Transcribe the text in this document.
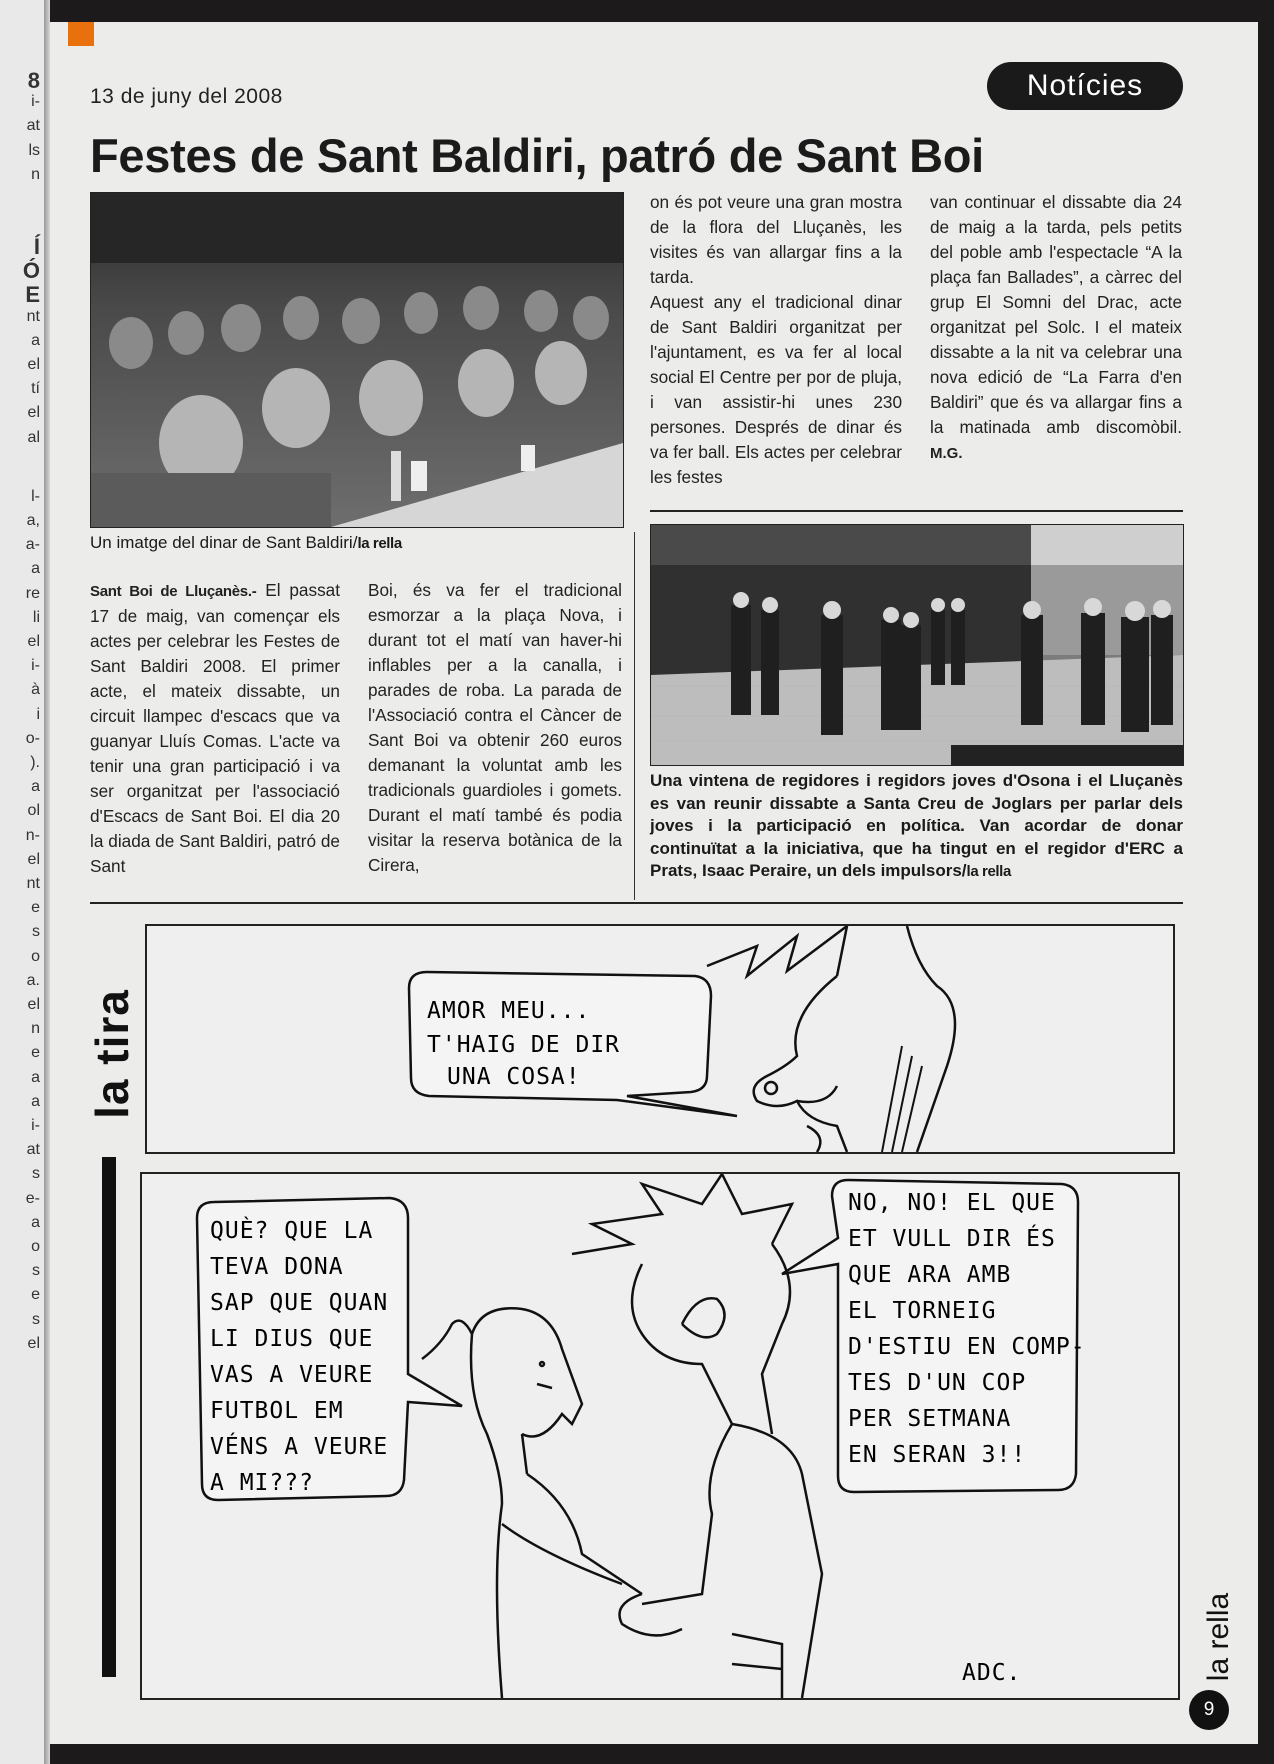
8
i-
at
ls
n
Í
Ó
E
nt
a
el
tí
el
al
l-
a,
a-
a
re
li
el
i-
à
i
o-
).
a
ol
n-
el
nt
e
s
o
a.
el
n
e
a
a
i-
at
s
e-
a
o
s
e
s
el
13 de juny del 2008	Notícies
Festes de Sant Baldiri, patró de Sant Boi
Un imatge del dinar de Sant Baldiri/la rella
Sant Boi de Lluçanès.- El passat 17 de maig, van començar els actes per celebrar les Festes de Sant Baldiri 2008. El primer acte, el mateix dissabte, un circuit llampec d'escacs que va guanyar Lluís Comas. L'acte va tenir una gran participació i va ser organitzat per l'associació d'Escacs de Sant Boi. El dia 20 la diada de Sant Baldiri, patró de Sant
Boi, és va fer el tradicional esmorzar a la plaça Nova, i durant tot el matí van haver-hi inflables per a la canalla, i parades de roba. La parada de l'Associació contra el Càncer de Sant Boi va obtenir 260 euros demanant la voluntat amb les tradicionals guardioles i gomets. Durant el matí també és podia visitar la reserva botànica de la Cirera,

on és pot veure una gran mostra de la flora del Lluçanès, les visites és van allargar fins a la tarda.

Aquest any el tradicional dinar de Sant Baldiri organitzat per l'ajuntament, es va fer al local social El Centre per por de pluja, i van assistir-hi unes 230 persones. Després de dinar és va fer ball. Els actes per celebrar les festes

van continuar el dissabte dia 24 de maig a la tarda, pels petits del poble amb l'espectacle “A la plaça fan Ballades”, a càrrec del grup El Somni del Drac, acte organitzat pel Solc. I el mateix dissabte a la nit va celebrar una nova edició de “La Farra d'en Baldiri” que és va allargar fins a la matinada amb discomòbil. M.G.
Una vintena de regidores i regidors joves d'Osona i el Lluçanès es van reunir dissabte a Santa Creu de Joglars per parlar dels joves i la participació en política. Van acordar de donar continuïtat a la iniciativa, que ha tingut en el regidor d'ERC a Prats, Isaac Peraire, un dels impulsors/la rella
la tira	AMOR MEU...
T'HAIG DE DIR
UNA COSA!
QUÈ? QUE LA
TEVA DONA
SAP QUE QUAN
LI DIUS QUE
VAS A VEURE
FUTBOL EM
VÉNS A VEURE
A MI???
NO, NO! EL QUE
ET VULL DIR ÉS
QUE ARA AMB
EL TORNEIG
D'ESTIU EN COMP-
TES D'UN COP
PER SETMANA
EN SERAN 3!!
ADC.	la rella
9
